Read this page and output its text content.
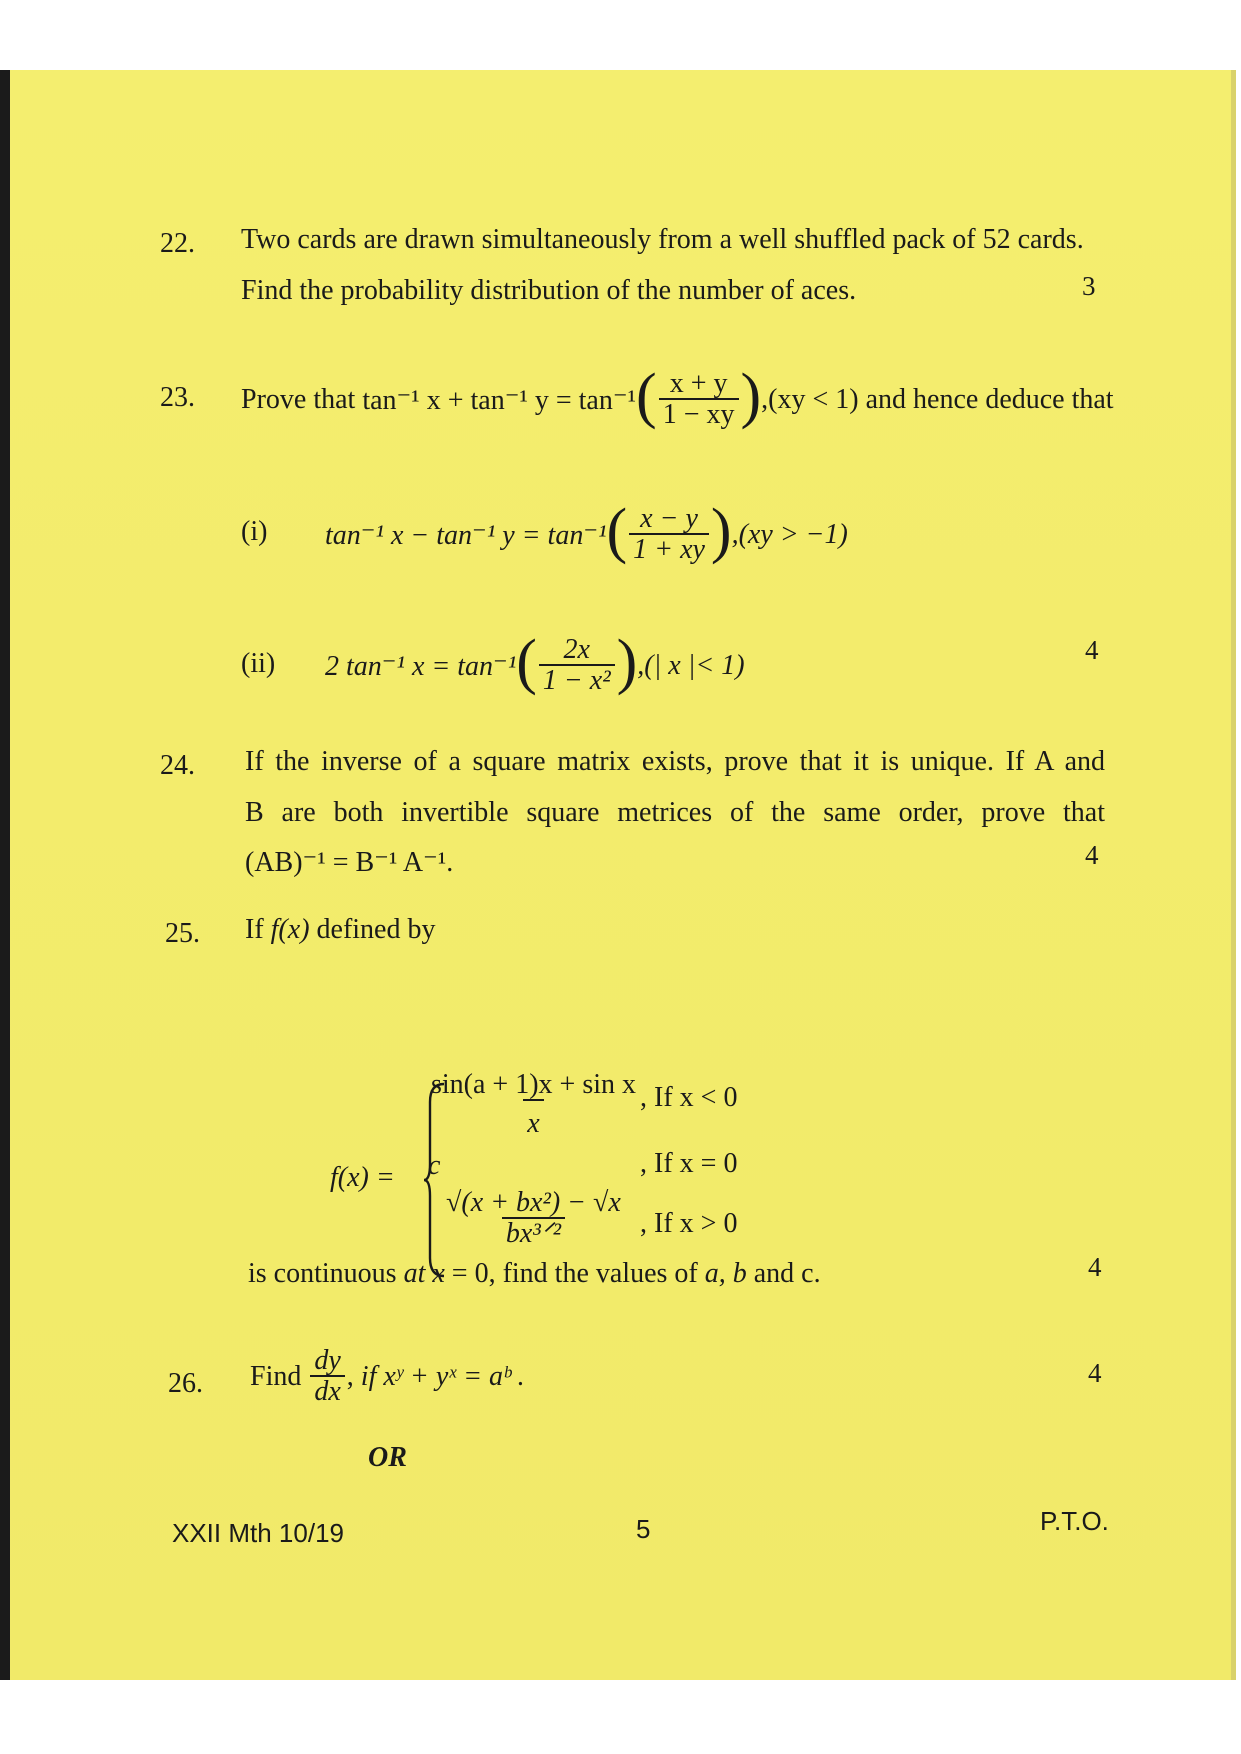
22. Two cards are drawn simultaneously from a well shuffled pack of 52 cards.
Find the probability distribution of the number of aces.	3
23. Prove that
tan⁻¹ x + tan⁻¹ y = tan⁻¹ ( $\frac{x + y}{1 - xy}$ ) ,(xy < 1)
and hence deduce that
(i) tan⁻¹ x − tan⁻¹ y = tan⁻¹ ( $\frac{x - y}{1 + xy}$ ) ,(xy > −1)
(ii) 2 tan⁻¹ x = tan⁻¹ ( $\frac{2x}{\text{1 − x²}}$ ) ,(| x |< 1)	4
24. If the inverse of a square matrix exists, prove that it is unique. If A and
B are both invertible square metrices of the same order, prove that
(AB)⁻¹ = B⁻¹ A⁻¹.	4
25. If f(x) defined by
f(x) =
$\frac{\text{sin(a + 1)x + sin x}}{x}$ , If x < 0
c	, If x = 0
$\frac{\text{√(x + bx²) − √x}}{\text{bx³ᐟ²}}$ , If x > 0
is continuous at x = 0, find the values of a, b and c.	4
26. Find
$\frac{dy}{dx}$ ,
if
xʸ + yˣ = aᵇ .	4
OR
XXII Mth 10/19	5	P.T.O.
